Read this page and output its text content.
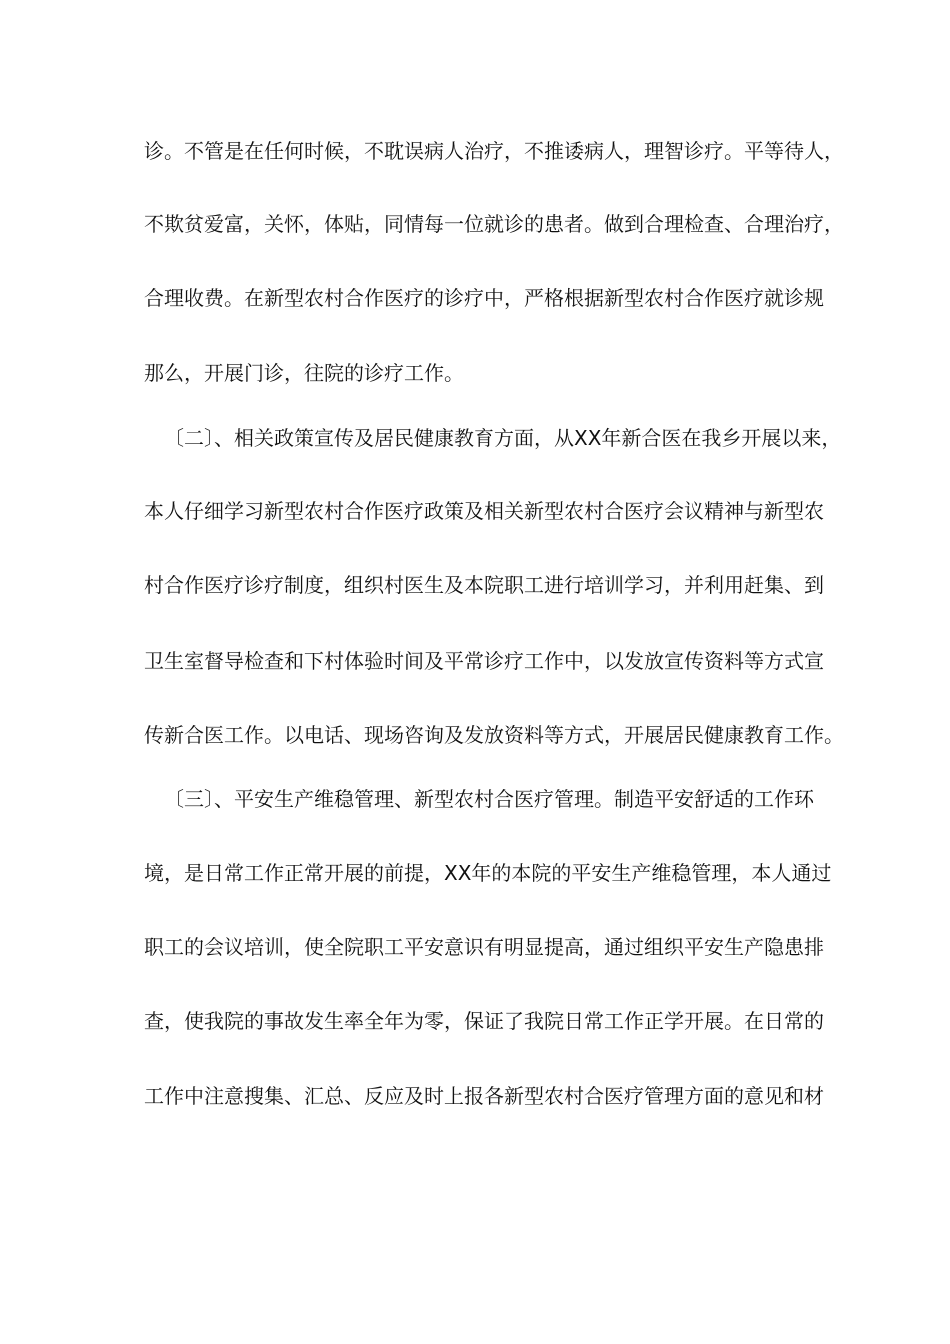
诊。不管是在任何时候，不耽误病人治疗，不推诿病人，理智诊疗。平等待人，
不欺贫爱富，关怀，体贴，同情每一位就诊的患者。做到合理检查、合理治疗，
合理收费。在新型农村合作医疗的诊疗中，严格根据新型农村合作医疗就诊规
那么，开展门诊，往院的诊疗工作。
〔二〕、相关政策宣传及居民健康教育方面，从XX年新合医在我乡开展以来，
本人仔细学习新型农村合作医疗政策及相关新型农村合医疗会议精神与新型农
村合作医疗诊疗制度，组织村医生及本院职工进行培训学习，并利用赶集、到
卫生室督导检查和下村体验时间及平常诊疗工作中，以发放宣传资料等方式宣
传新合医工作。以电话、现场咨询及发放资料等方式，开展居民健康教育工作。
〔三〕、平安生产维稳管理、新型农村合医疗管理。制造平安舒适的工作环
境，是日常工作正常开展的前提，XX年的本院的平安生产维稳管理，本人通过
职工的会议培训，使全院职工平安意识有明显提高，通过组织平安生产隐患排
查，使我院的事故发生率全年为零，保证了我院日常工作正学开展。在日常的
工作中注意搜集、汇总、反应及时上报各新型农村合医疗管理方面的意见和材
